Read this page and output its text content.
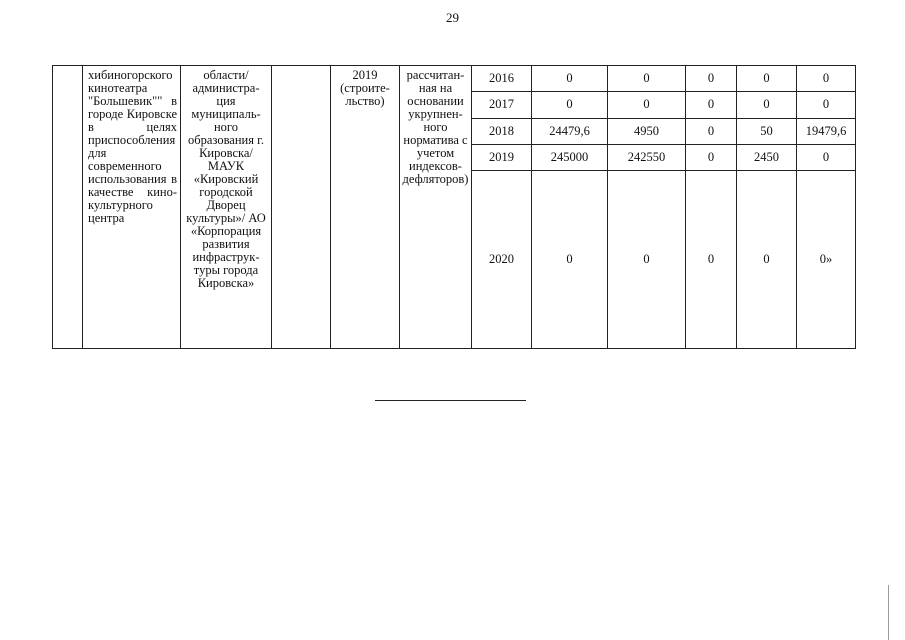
29
	хибиногорского кинотеатра "Большевик"" в городе Кировске в целях приспособления для современного использования в качестве кино-культурного центра	области/ администра-ция муниципаль-ного образования г. Кировска/ МАУК «Кировский городской Дворец культуры»/ АО «Корпорация развития инфраструк-туры города Кировска»		2019 (строите-льство)	рассчитан-ная на основании укрупнен-ного норматива с учетом индексов-дефляторов)	2016	0	0	0	0	0
						2017	0	0	0	0	0
						2018	24479,6	4950	0	50	19479,6
						2019	245000	242550	0	2450	0
						2020	0	0	0	0	0»
